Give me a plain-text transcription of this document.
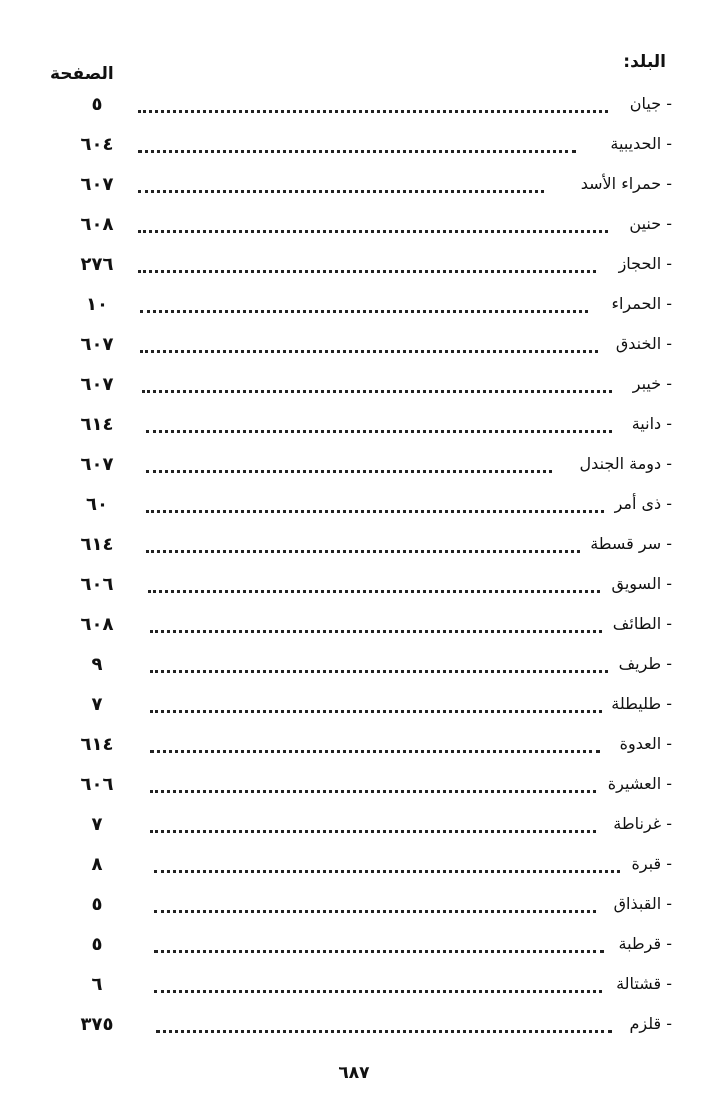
البلد:
الصفحة
- جيان
٥
- الحديبية
٦٠٤
- حمراء الأسد
٦٠٧
- حنين
٦٠٨
- الحجاز
٢٧٦
- الحمراء
١٠
- الخندق
٦٠٧
- خيبر
٦٠٧
- دانية
٦١٤
- دومة الجندل
٦٠٧
- ذى أمر
٦٠
- سر قسطة
٦١٤
- السويق
٦٠٦
- الطائف
٦٠٨
- طريف
٩
- طليطلة
٧
- العدوة
٦١٤
- العشيرة
٦٠٦
- غرناطة
٧
- قبرة
٨
- القبذاق
٥
- قرطبة
٥
- قشتالة
٦
- قلزم
٣٧٥
٦٨٧
